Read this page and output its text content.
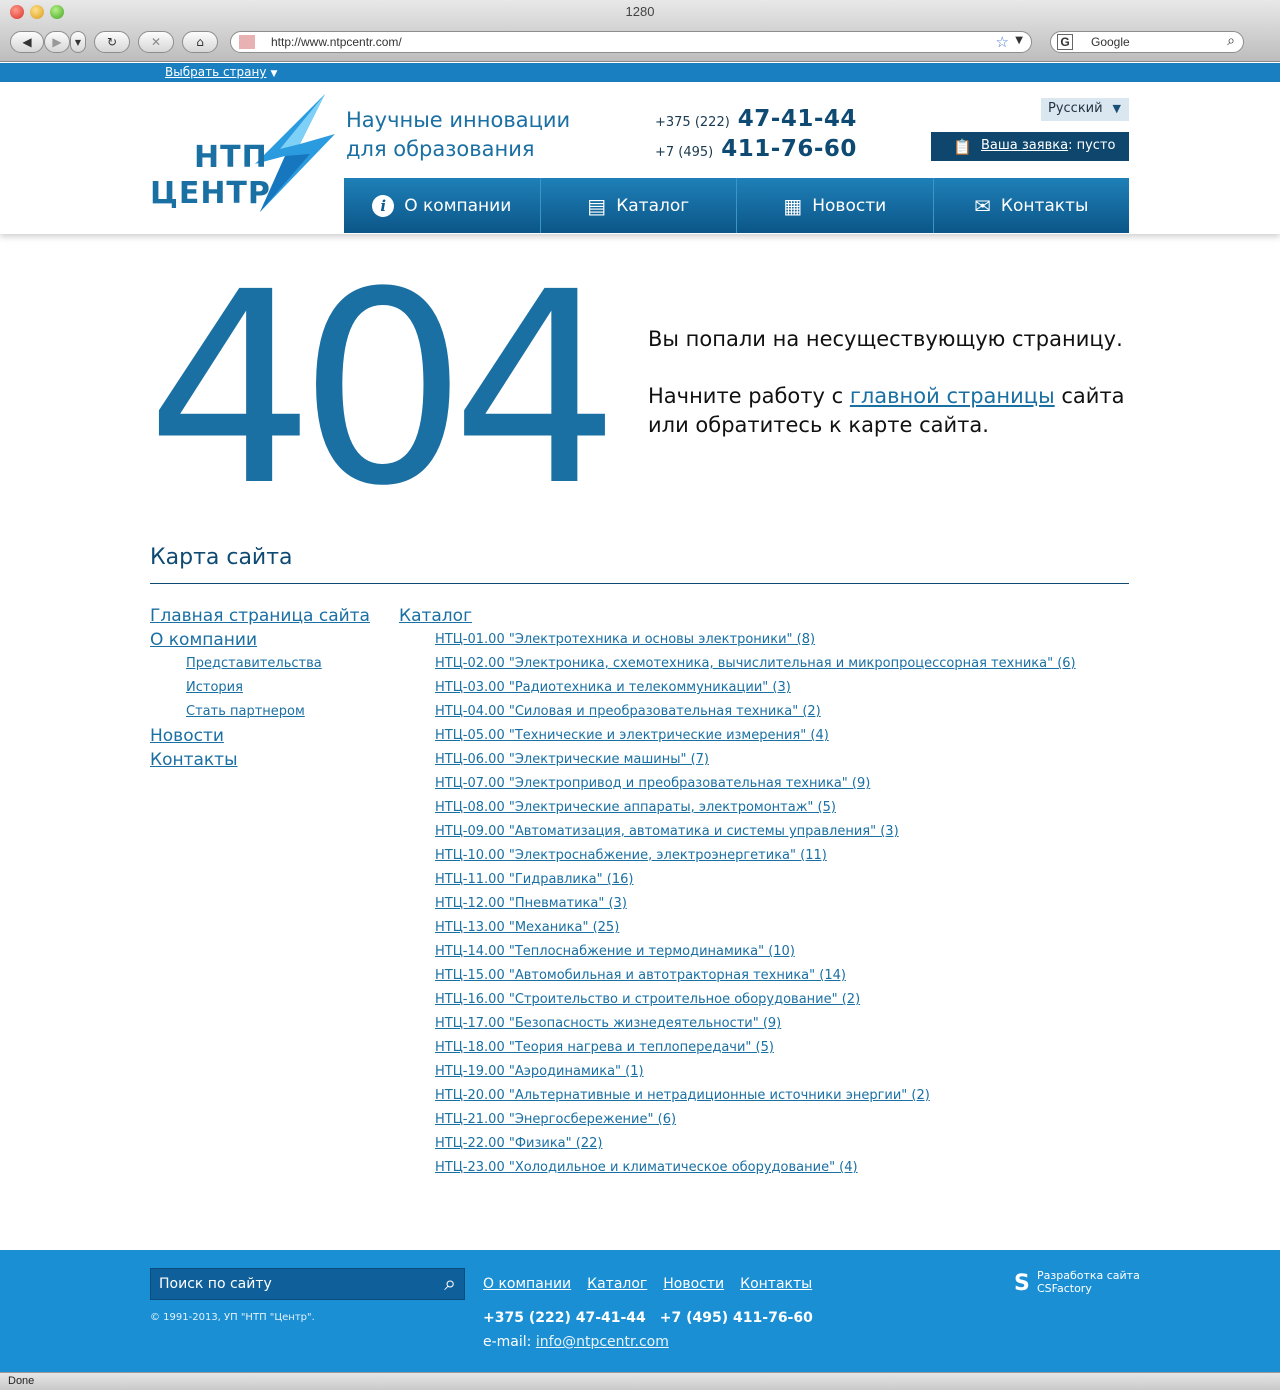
1280
◀ ▶ ▼ ↻	✕	⌂	http://www.ntpcentr.com/	☆ ▼	G Google	⌕
Выбрать страну ▼
НТП
ЦЕНТР
Научные инновации
для образования
+375 (222) 47-41-44
+7 (495) 411-76-60
Русский ▼
📋 Ваша заявка: пусто
i	О компании	▤ Каталог	▦ Новости	✉ Контакты
404 Вы попали на несуществующую страницу.
Начните работу с главной страницы сайта
или обратитесь к карте сайта.
Карта сайта
Главная страница сайта
О компании
Представительства
История
Стать партнером
Новости
Контакты
Каталог
НТЦ-01.00 "Электротехника и основы электроники" (8)
НТЦ-02.00 "Электроника, схемотехника, вычислительная и микропроцессорная техника" (6)
НТЦ-03.00 "Радиотехника и телекоммуникации" (3)
НТЦ-04.00 "Силовая и преобразовательная техника" (2)
НТЦ-05.00 "Технические и электрические измерения" (4)
НТЦ-06.00 "Электрические машины" (7)
НТЦ-07.00 "Электропривод и преобразовательная техника" (9)
НТЦ-08.00 "Электрические аппараты, электромонтаж" (5)
НТЦ-09.00 "Автоматизация, автоматика и системы управления" (3)
НТЦ-10.00 "Электроснабжение, электроэнергетика" (11)
НТЦ-11.00 "Гидравлика" (16)
НТЦ-12.00 "Пневматика" (3)
НТЦ-13.00 "Механика" (25)
НТЦ-14.00 "Теплоснабжение и термодинамика" (10)
НТЦ-15.00 "Автомобильная и автотракторная техника" (14)
НТЦ-16.00 "Строительство и строительное оборудование" (2)
НТЦ-17.00 "Безопасность жизнедеятельности" (9)
НТЦ-18.00 "Теория нагрева и теплопередачи" (5)
НТЦ-19.00 "Аэродинамика" (1)
НТЦ-20.00 "Альтернативные и нетрадиционные источники энергии" (2)
НТЦ-21.00 "Энергосбережение" (6)
НТЦ-22.00 "Физика" (22)
НТЦ-23.00 "Холодильное и климатическое оборудование" (4)
Поиск по сайту	⌕
© 1991-2013, УП "НТП "Центр".
О компании Каталог Новости Контакты
+375 (222) 47-41-44 +7 (495) 411-76-60
e-mail: info@ntpcentr.com
S Разработка сайта
CSFactory
Done
